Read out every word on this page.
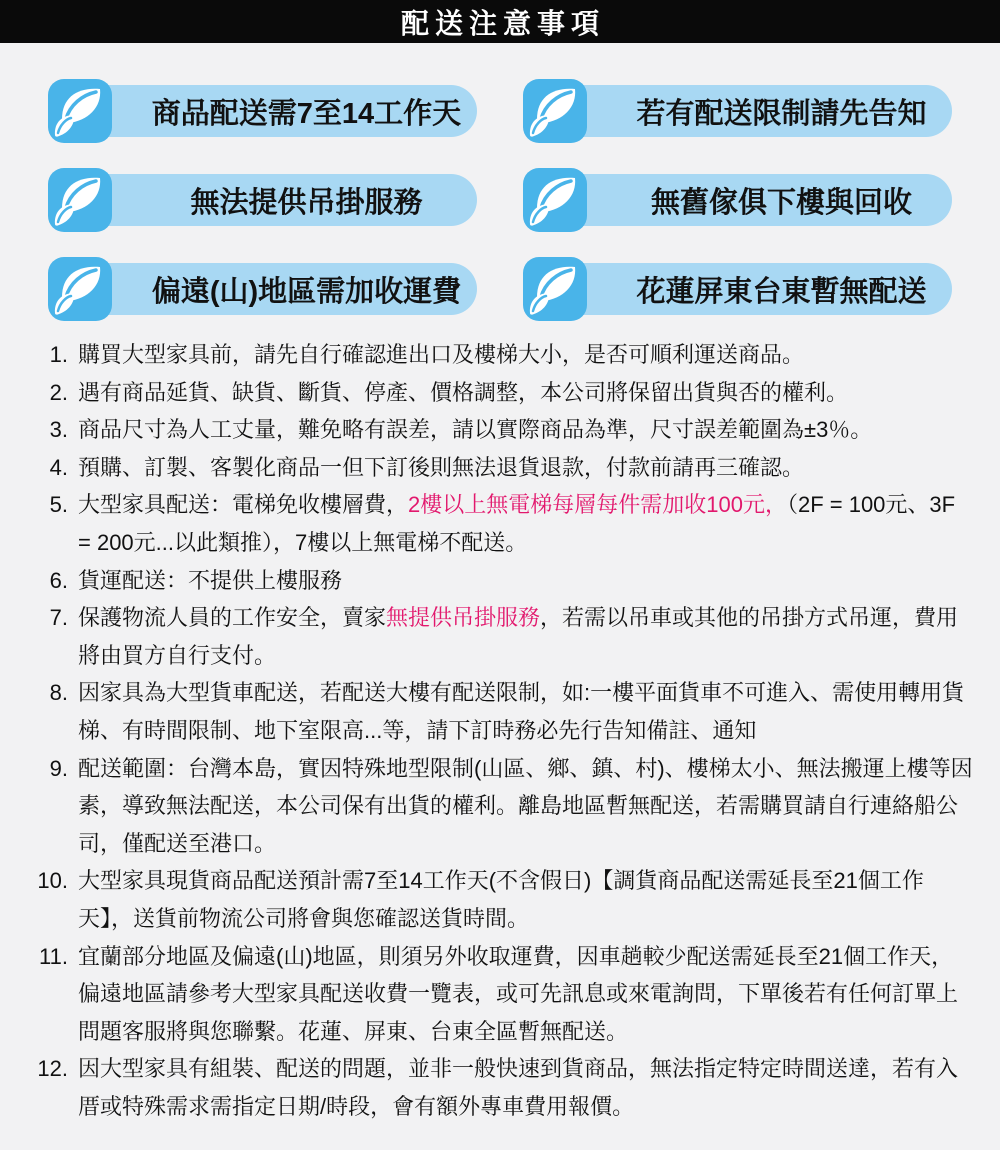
配送注意事項
商品配送需7至14工作天	若有配送限制請先告知
無法提供吊掛服務	無舊傢俱下樓與回收
偏遠(山)地區需加收運費	花蓮屏東台東暫無配送
1. 購買大型家具前，請先自行確認進出口及樓梯大小，是否可順利運送商品。
2. 遇有商品延貨、缺貨、斷貨、停產、價格調整，本公司將保留出貨與否的權利。
3. 商品尺寸為人工丈量，難免略有誤差，請以實際商品為準，尺寸誤差範圍為±3％。
4. 預購、訂製、客製化商品一但下訂後則無法退貨退款，付款前請再三確認。
5. 大型家具配送：電梯免收樓層費，2樓以上無電梯每層每件需加收100元，（2F = 100元、3F = 200元...以此類推），7樓以上無電梯不配送。
6. 貨運配送：不提供上樓服務
7. 保護物流人員的工作安全，賣家無提供吊掛服務，若需以吊車或其他的吊掛方式吊運，費用將由買方自行支付。
8. 因家具為大型貨車配送，若配送大樓有配送限制，如:一樓平面貨車不可進入、需使用轉用貨梯、有時間限制、地下室限高...等，請下訂時務必先行告知備註、通知
9. 配送範圍：台灣本島，實因特殊地型限制(山區、鄉、鎮、村)、樓梯太小、無法搬運上樓等因素，導致無法配送，本公司保有出貨的權利。離島地區暫無配送，若需購買請自行連絡船公司，僅配送至港口。
10. 大型家具現貨商品配送預計需7至14工作天(不含假日)【調貨商品配送需延長至21個工作天】，送貨前物流公司將會與您確認送貨時間。
11. 宜蘭部分地區及偏遠(山)地區，則須另外收取運費，因車趟較少配送需延長至21個工作天，偏遠地區請參考大型家具配送收費一覽表，或可先訊息或來電詢問，下單後若有任何訂單上問題客服將與您聯繫。花蓮、屏東、台東全區暫無配送。
12. 因大型家具有組裝、配送的問題，並非一般快速到貨商品，無法指定特定時間送達，若有入厝或特殊需求需指定日期/時段，會有額外專車費用報價。
